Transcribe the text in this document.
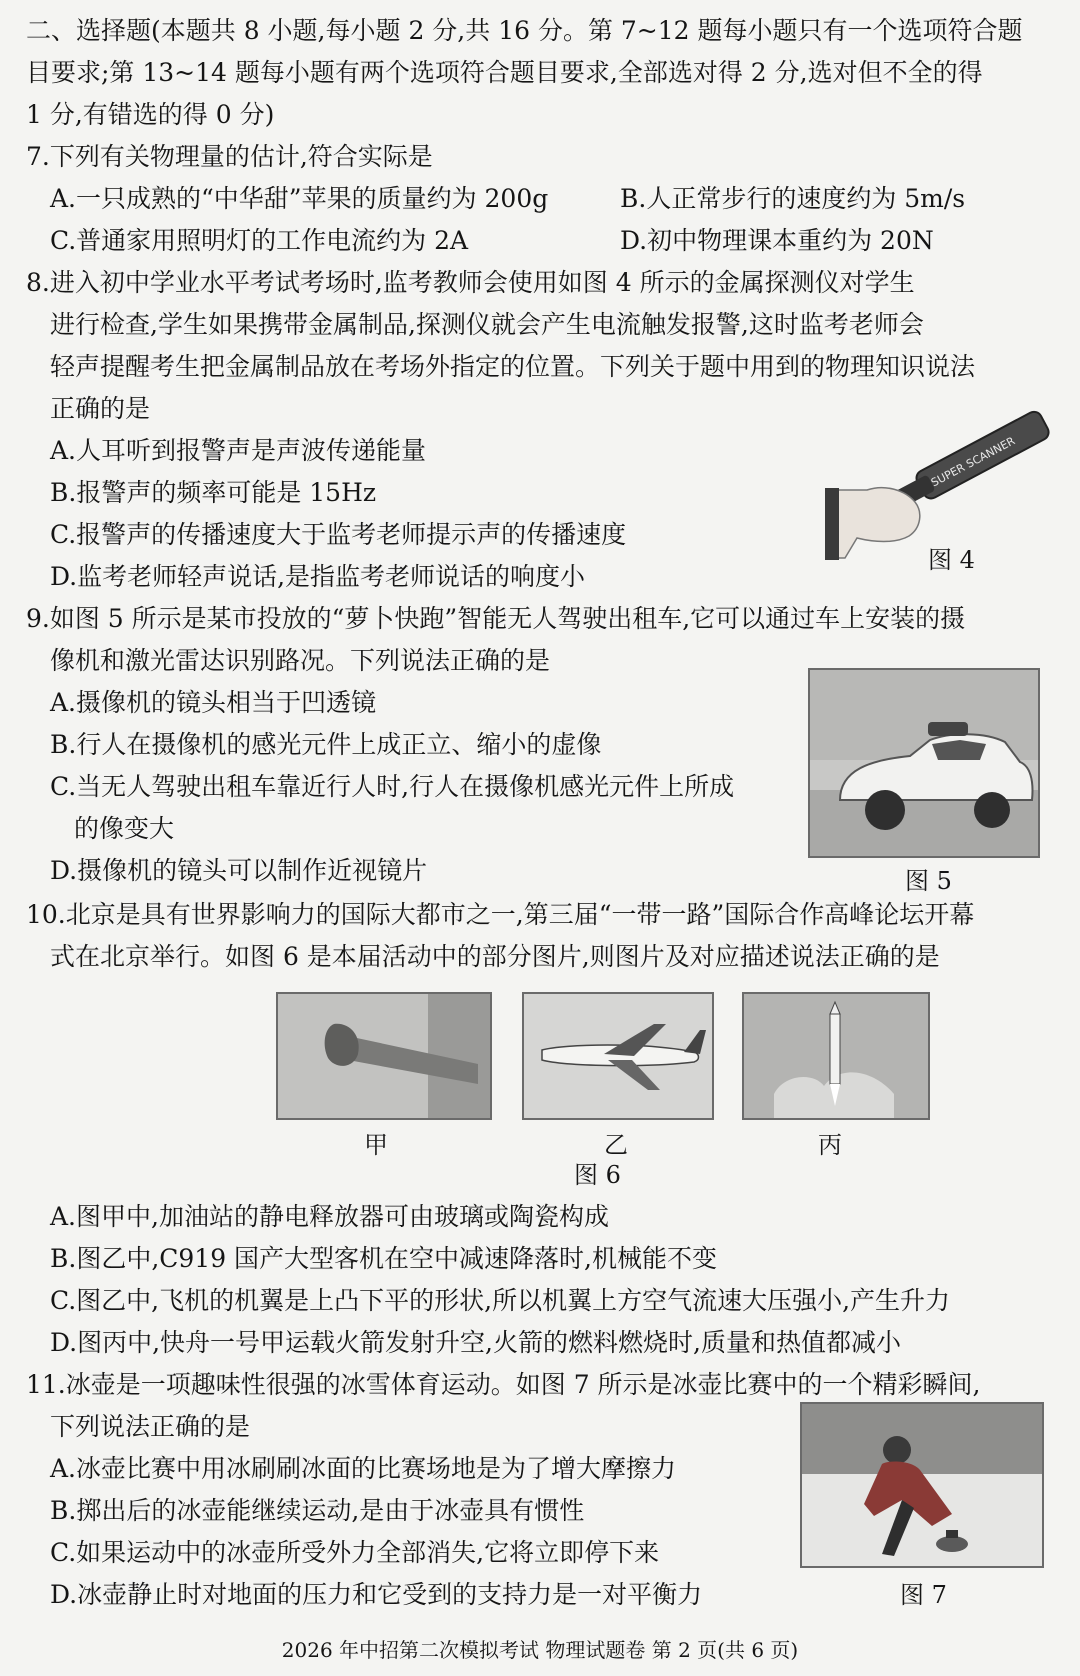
二、选择题(本题共 8 小题,每小题 2 分,共 16 分。第 7~12 题每小题只有一个选项符合题
目要求;第 13~14 题每小题有两个选项符合题目要求,全部选对得 2 分,选对但不全的得
1 分,有错选的得 0 分)
7.下列有关物理量的估计,符合实际是
A.一只成熟的“中华甜”苹果的质量约为 200g	B.人正常步行的速度约为 5m/s
C.普通家用照明灯的工作电流约为 2A	D.初中物理课本重约为 20N
8.进入初中学业水平考试考场时,监考教师会使用如图 4 所示的金属探测仪对学生
进行检查,学生如果携带金属制品,探测仪就会产生电流触发报警,这时监考老师会
轻声提醒考生把金属制品放在考场外指定的位置。下列关于题中用到的物理知识说法
正确的是
A.人耳听到报警声是声波传递能量
B.报警声的频率可能是 15Hz
C.报警声的传播速度大于监考老师提示声的传播速度
D.监考老师轻声说话,是指监考老师说话的响度小
SUPER SCANNER
图 4
9.如图 5 所示是某市投放的“萝卜快跑”智能无人驾驶出租车,它可以通过车上安装的摄
像机和激光雷达识别路况。下列说法正确的是
A.摄像机的镜头相当于凹透镜
B.行人在摄像机的感光元件上成正立、缩小的虚像
C.当无人驾驶出租车靠近行人时,行人在摄像机感光元件上所成
的像变大
D.摄像机的镜头可以制作近视镜片	图 5
10.北京是具有世界影响力的国际大都市之一,第三届“一带一路”国际合作高峰论坛开幕
式在北京举行。如图 6 是本届活动中的部分图片,则图片及对应描述说法正确的是
甲	乙	丙
图 6
A.图甲中,加油站的静电释放器可由玻璃或陶瓷构成
B.图乙中,C919 国产大型客机在空中减速降落时,机械能不变
C.图乙中,飞机的机翼是上凸下平的形状,所以机翼上方空气流速大压强小,产生升力
D.图丙中,快舟一号甲运载火箭发射升空,火箭的燃料燃烧时,质量和热值都减小
11.冰壶是一项趣味性很强的冰雪体育运动。如图 7 所示是冰壶比赛中的一个精彩瞬间,
下列说法正确的是
A.冰壶比赛中用冰刷刷冰面的比赛场地是为了增大摩擦力
B.掷出后的冰壶能继续运动,是由于冰壶具有惯性
C.如果运动中的冰壶所受外力全部消失,它将立即停下来
D.冰壶静止时对地面的压力和它受到的支持力是一对平衡力	图 7
2026 年中招第二次模拟考试 物理试题卷 第 2 页(共 6 页)
